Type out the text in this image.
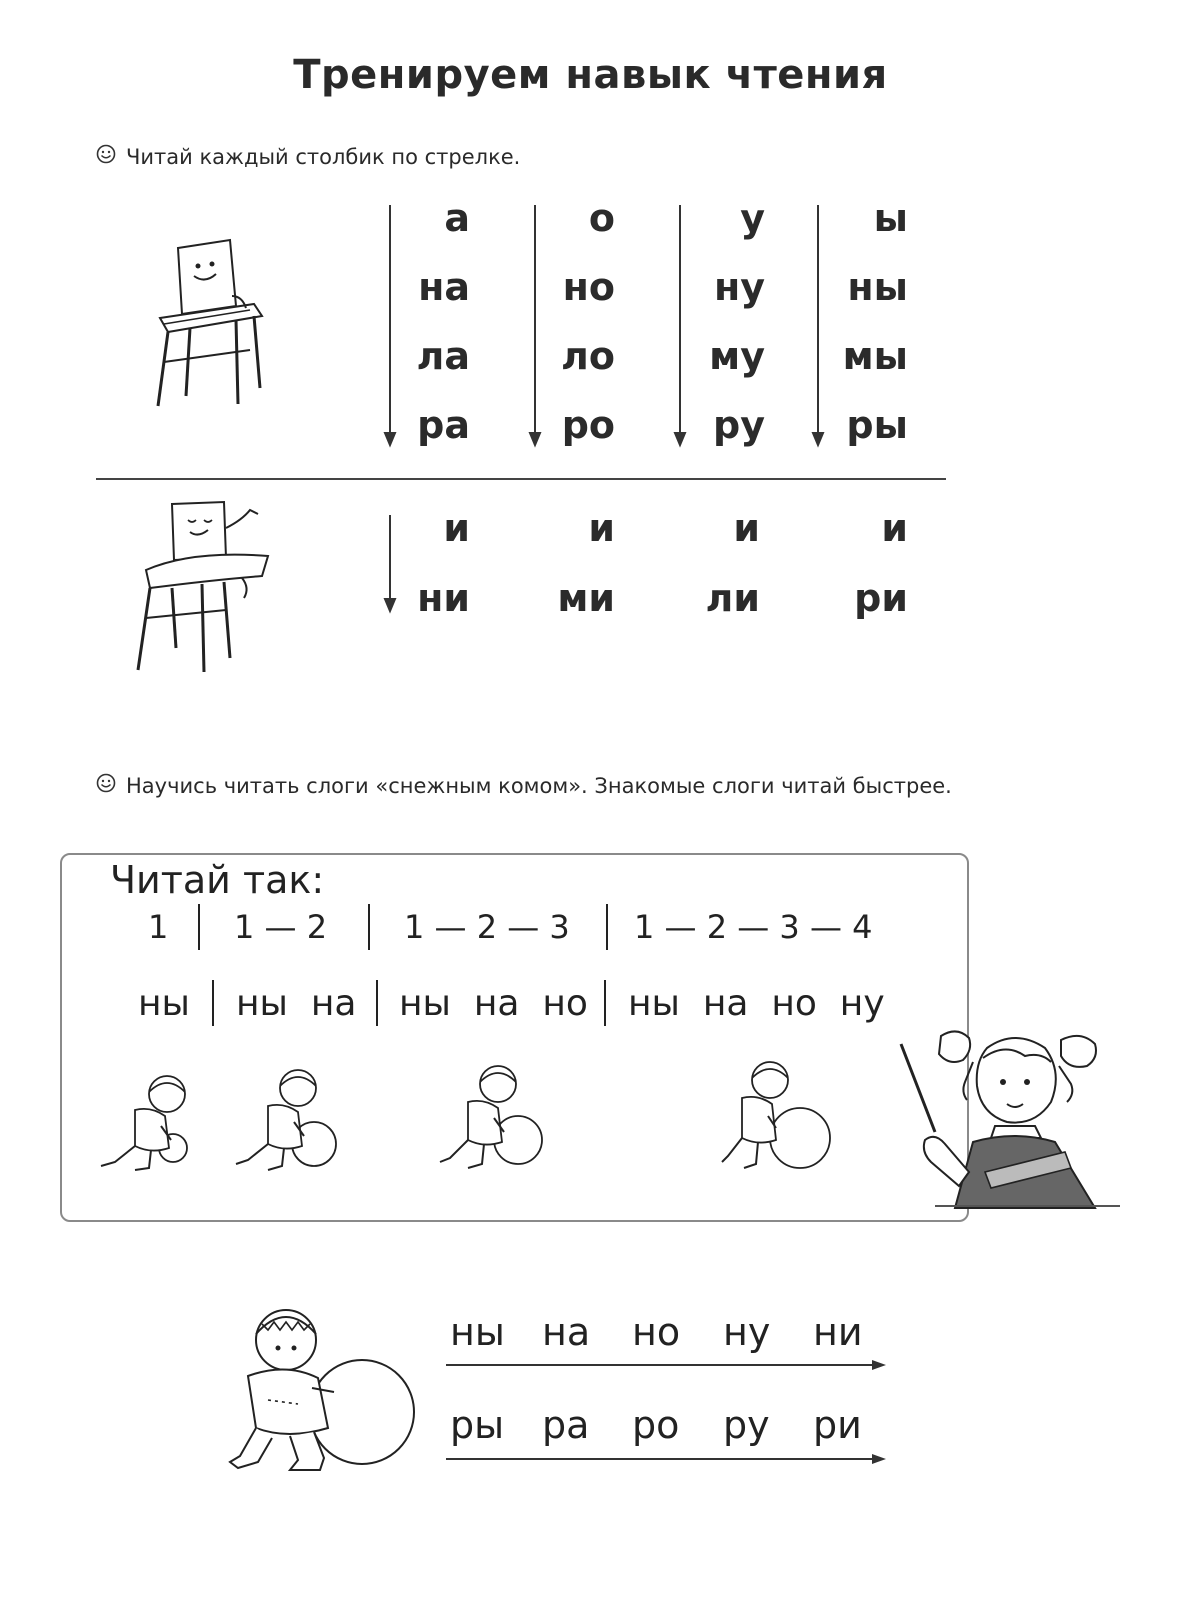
Тренируем навык чтения
Читай каждый столбик по стрелке.
а
на
ла
ра
о
но
ло
ро
у
ну
му
ру
ы
ны
мы
ры
и
ни
и
ми
и
ли
и
ри
Научись читать слоги «снежным комом». Знакомые слоги читай быстрее.
Читай так:
1 1 — 2 1 — 2 — 3 1 — 2 — 3 — 4
ны ны  на ны  на  но ны  на  но  ну
ны на но ну ни
ры ра ро ру ри
